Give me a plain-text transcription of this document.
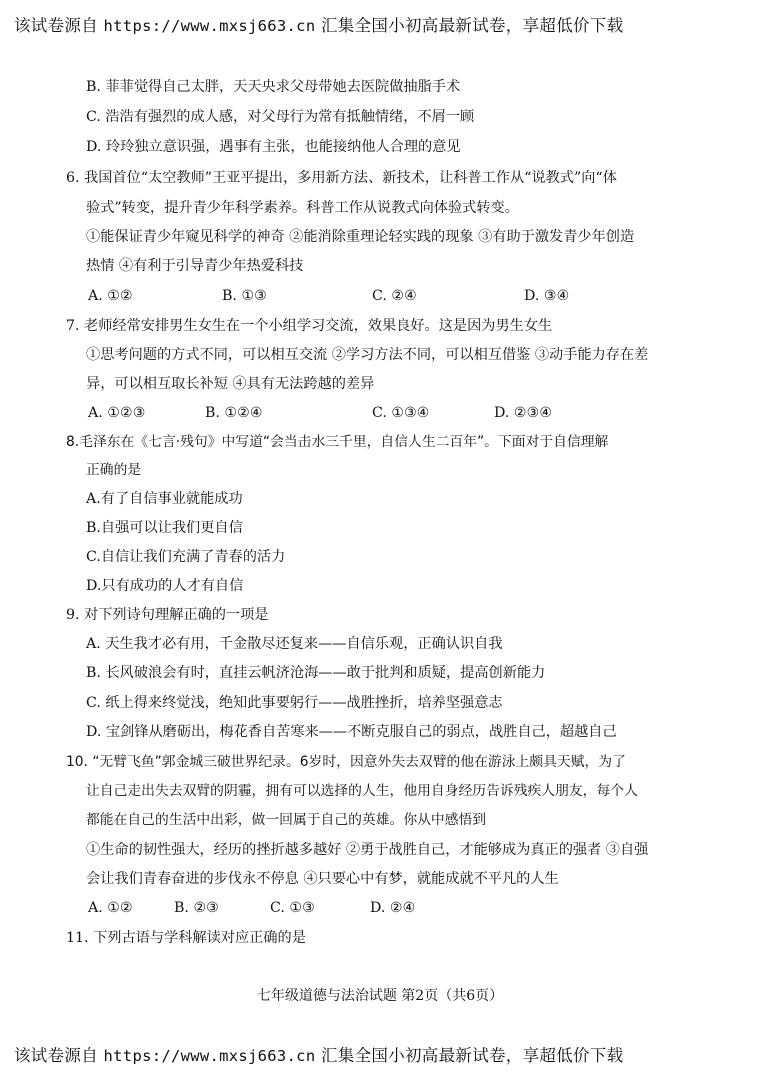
该试卷源自 https://www.mxsj663.cn 汇集全国小初高最新试卷，享超低价下载
B. 菲菲觉得自己太胖，天天央求父母带她去医院做抽脂手术
C. 浩浩有强烈的成人感，对父母行为常有抵触情绪，不屑一顾
D. 玲玲独立意识强，遇事有主张，也能接纳他人合理的意见
6. 我国首位“太空教师”王亚平提出，多用新方法、新技术，让科普工作从“说教式”向“体
验式”转变，提升青少年科学素养。科普工作从说教式向体验式转变。
①能保证青少年窥见科学的神奇 ②能消除重理论轻实践的现象 ③有助于激发青少年创造
热情 ④有利于引导青少年热爱科技
A. ①②	B. ①③	C. ②④	D. ③④
7. 老师经常安排男生女生在一个小组学习交流，效果良好。这是因为男生女生
①思考问题的方式不同，可以相互交流 ②学习方法不同，可以相互借鉴 ③动手能力存在差
异，可以相互取长补短 ④具有无法跨越的差异
A. ①②③	B. ①②④	C. ①③④	D. ②③④
8.毛泽东在《七言·残句》中写道“会当击水三千里，自信人生二百年”。下面对于自信理解
正确的是
A.有了自信事业就能成功
B.自强可以让我们更自信
C.自信让我们充满了青春的活力
D.只有成功的人才有自信
9. 对下列诗句理解正确的一项是
A. 天生我才必有用，千金散尽还复来——自信乐观，正确认识自我
B. 长风破浪会有时，直挂云帆济沧海——敢于批判和质疑，提高创新能力
C. 纸上得来终觉浅，绝知此事要躬行——战胜挫折，培养坚强意志
D. 宝剑锋从磨砺出，梅花香自苦寒来——不断克服自己的弱点，战胜自己，超越自己
10. “无臂飞鱼”郭金城三破世界纪录。6岁时，因意外失去双臂的他在游泳上颇具天赋，为了
让自己走出失去双臂的阴霾，拥有可以选择的人生，他用自身经历告诉残疾人朋友，每个人
都能在自己的生活中出彩，做一回属于自己的英雄。你从中感悟到
①生命的韧性强大，经历的挫折越多越好 ②勇于战胜自己，才能够成为真正的强者 ③自强
会让我们青春奋进的步伐永不停息 ④只要心中有梦，就能成就不平凡的人生
A. ①②	B. ②③	C. ①③	D. ②④
11. 下列古语与学科解读对应正确的是
七年级道德与法治试题 第2页（共6页）
该试卷源自 https://www.mxsj663.cn 汇集全国小初高最新试卷，享超低价下载
